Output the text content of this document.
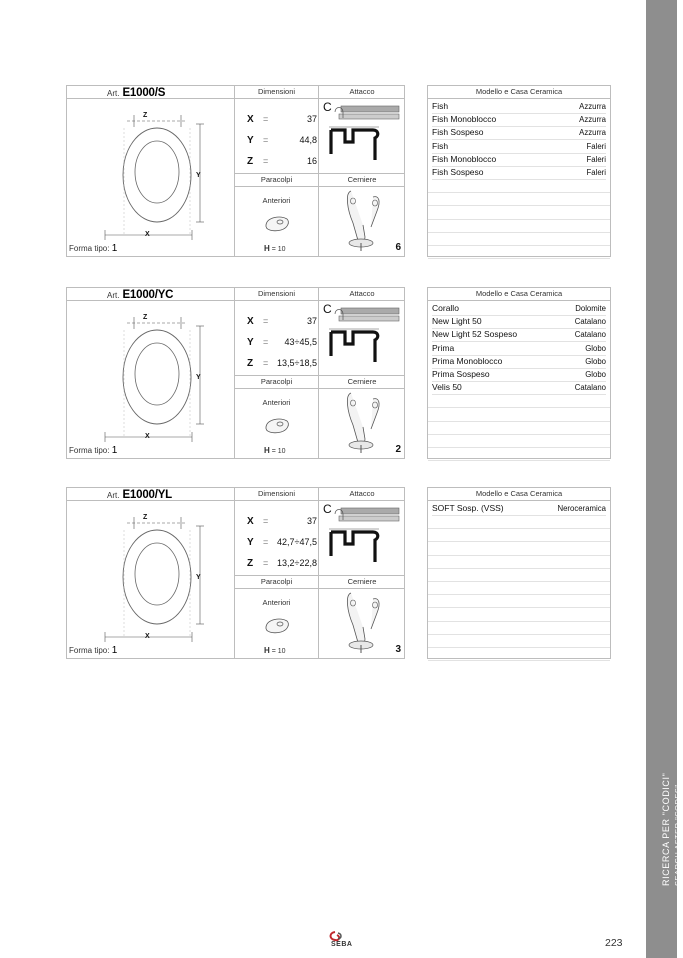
RICERCA PER "CODICI" SEARCH AFTER "CODES"
Art. E1000/S	Dimensioni	Attacco
Paracolpi	Cerniere
Z
Y
X
Forma tipo: 1
Anteriori
H = 10
C
6
X =	37
Y =	44,8
Z =	16
Modello e Casa Ceramica
Fish	Azzurra
Fish Monoblocco	Azzurra
Fish Sospeso	Azzurra
Fish	Faleri
Fish Monoblocco	Faleri
Fish Sospeso	Faleri
Art. E1000/YC	Dimensioni	Attacco
Paracolpi	Cerniere
Z
Y
X
Forma tipo: 1
Anteriori
H = 10
C
2
X =	37
Y = 43÷45,5
Z = 13,5÷18,5
Modello e Casa Ceramica
Corallo	Dolomite
New Light 50	Catalano
New Light 52 Sospeso	Catalano
Prima	Globo
Prima Monoblocco	Globo
Prima Sospeso	Globo
Velis 50	Catalano
Art. E1000/YL	Dimensioni	Attacco
Paracolpi	Cerniere
Z
Y
X
Forma tipo: 1
Anteriori
H = 10
C
3
X =	37
Y = 42,7÷47,5
Z = 13,2÷22,8
Modello e Casa Ceramica
SOFT Sosp. (VSS)	Neroceramica
SEBA	223
